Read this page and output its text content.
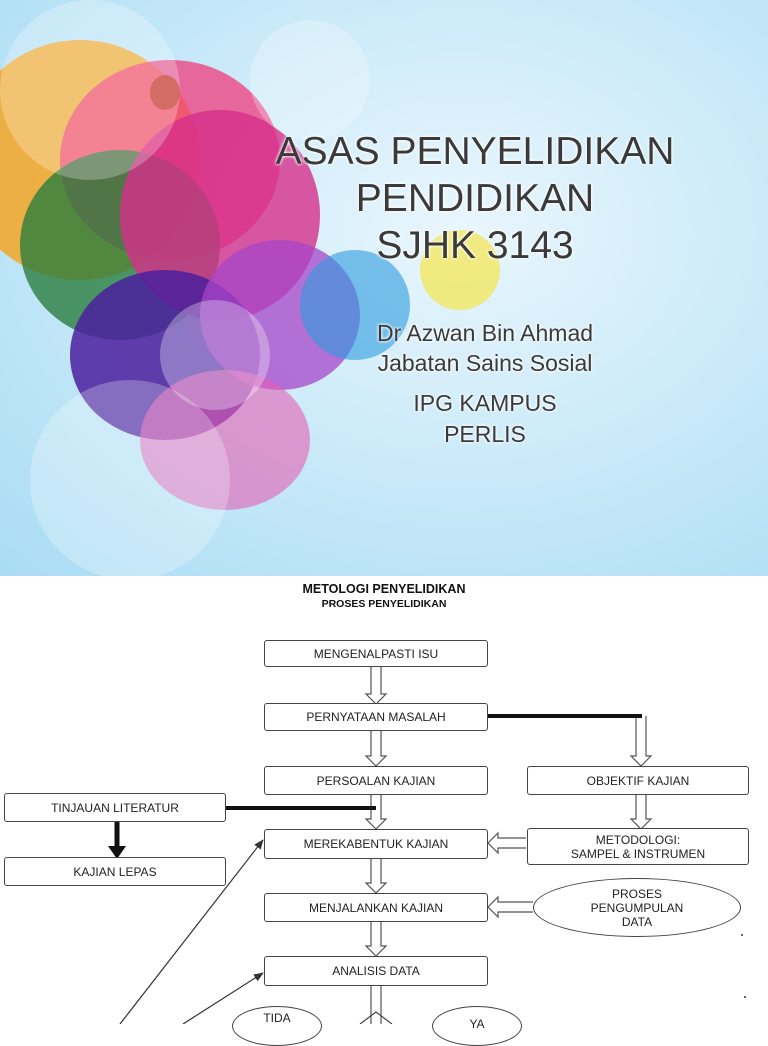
ASAS PENYELIDIKAN
PENDIDIKAN
SJHK 3143
Dr Azwan Bin Ahmad
Jabatan Sains Sosial
IPG KAMPUS
PERLIS
METOLOGI PENYELIDIKAN
PROSES PENYELIDIKAN
MENGENALPASTI ISU
PERNYATAAN MASALAH
PERSOALAN KAJIAN	OBJEKTIF KAJIAN
TINJAUAN LITERATUR
KAJIAN LEPAS
MEREKABENTUK KAJIAN	METODOLOGI:
SAMPEL & INSTRUMEN
MENJALANKAN KAJIAN
ANALISIS DATA
PROSES
PENGUMPULAN
DATA
TIDA	YA
